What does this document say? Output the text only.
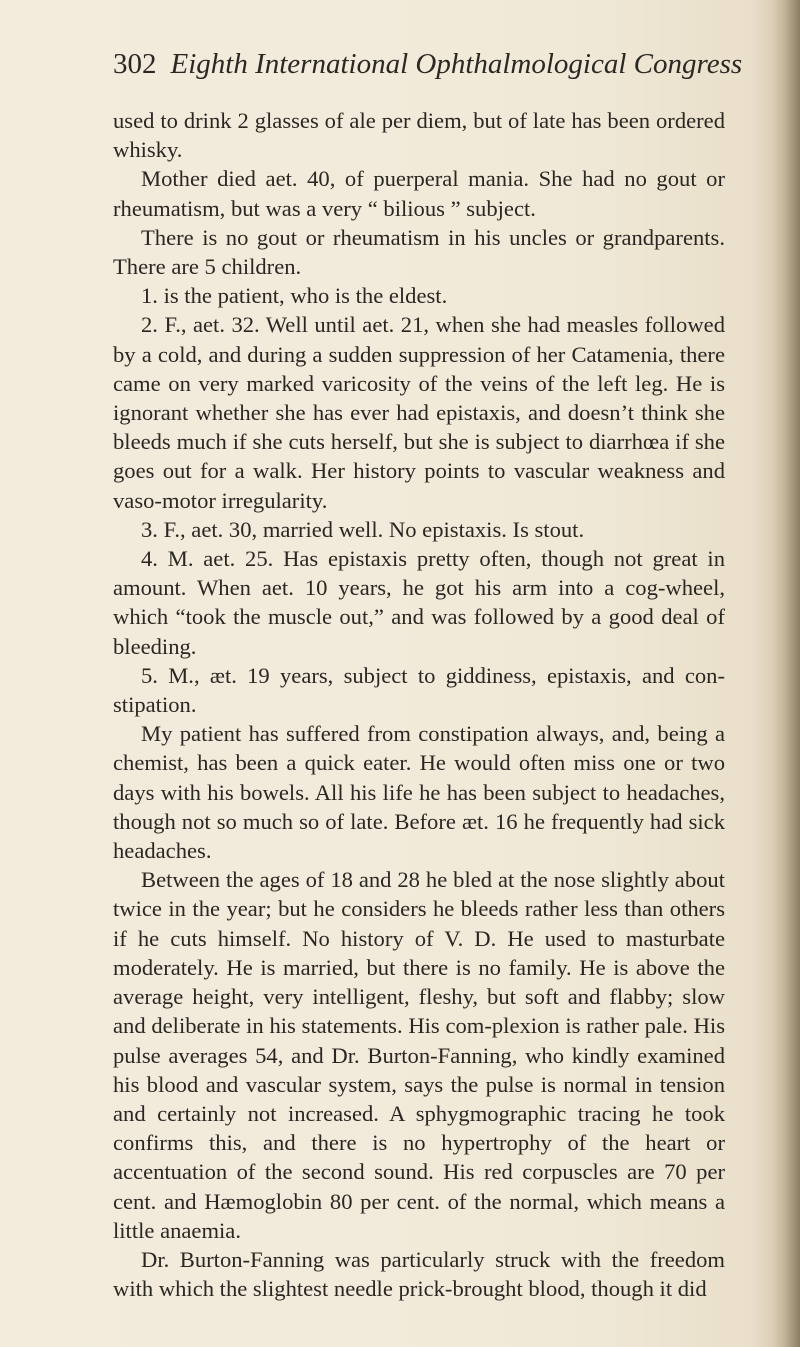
302 Eighth International Ophthalmological Congress

used to drink 2 glasses of ale per diem, but of late has been ordered whisky.

Mother died aet. 40, of puerperal mania. She had no gout or rheumatism, but was a very “ bilious ” subject.

There is no gout or rheumatism in his uncles or grandparents. There are 5 children.

1. is the patient, who is the eldest.

2. F., aet. 32. Well until aet. 21, when she had measles followed by a cold, and during a sudden suppression of her Catamenia, there came on very marked varicosity of the veins of the left leg. He is ignorant whether she has ever had epistaxis, and doesn’t think she bleeds much if she cuts herself, but she is subject to diarrhœa if she goes out for a walk. Her history points to vascular weakness and vaso-motor irregularity.

3. F., aet. 30, married well. No epistaxis. Is stout.

4. M. aet. 25. Has epistaxis pretty often, though not great in amount. When aet. 10 years, he got his arm into a cog-wheel, which “took the muscle out,” and was followed by a good deal of bleeding.

5. M., æt. 19 years, subject to giddiness, epistaxis, and con-stipation.

My patient has suffered from constipation always, and, being a chemist, has been a quick eater. He would often miss one or two days with his bowels. All his life he has been subject to headaches, though not so much so of late. Before æt. 16 he frequently had sick headaches.

Between the ages of 18 and 28 he bled at the nose slightly about twice in the year; but he considers he bleeds rather less than others if he cuts himself. No history of V. D. He used to masturbate moderately. He is married, but there is no family. He is above the average height, very intelligent, fleshy, but soft and flabby; slow and deliberate in his statements. His com-plexion is rather pale. His pulse averages 54, and Dr. Burton-Fanning, who kindly examined his blood and vascular system, says the pulse is normal in tension and certainly not increased. A sphygmographic tracing he took confirms this, and there is no hypertrophy of the heart or accentuation of the second sound. His red corpuscles are 70 per cent. and Hæmoglobin 80 per cent. of the normal, which means a little anaemia.

Dr. Burton-Fanning was particularly struck with the freedom with which the slightest needle prick-brought blood, though it did
